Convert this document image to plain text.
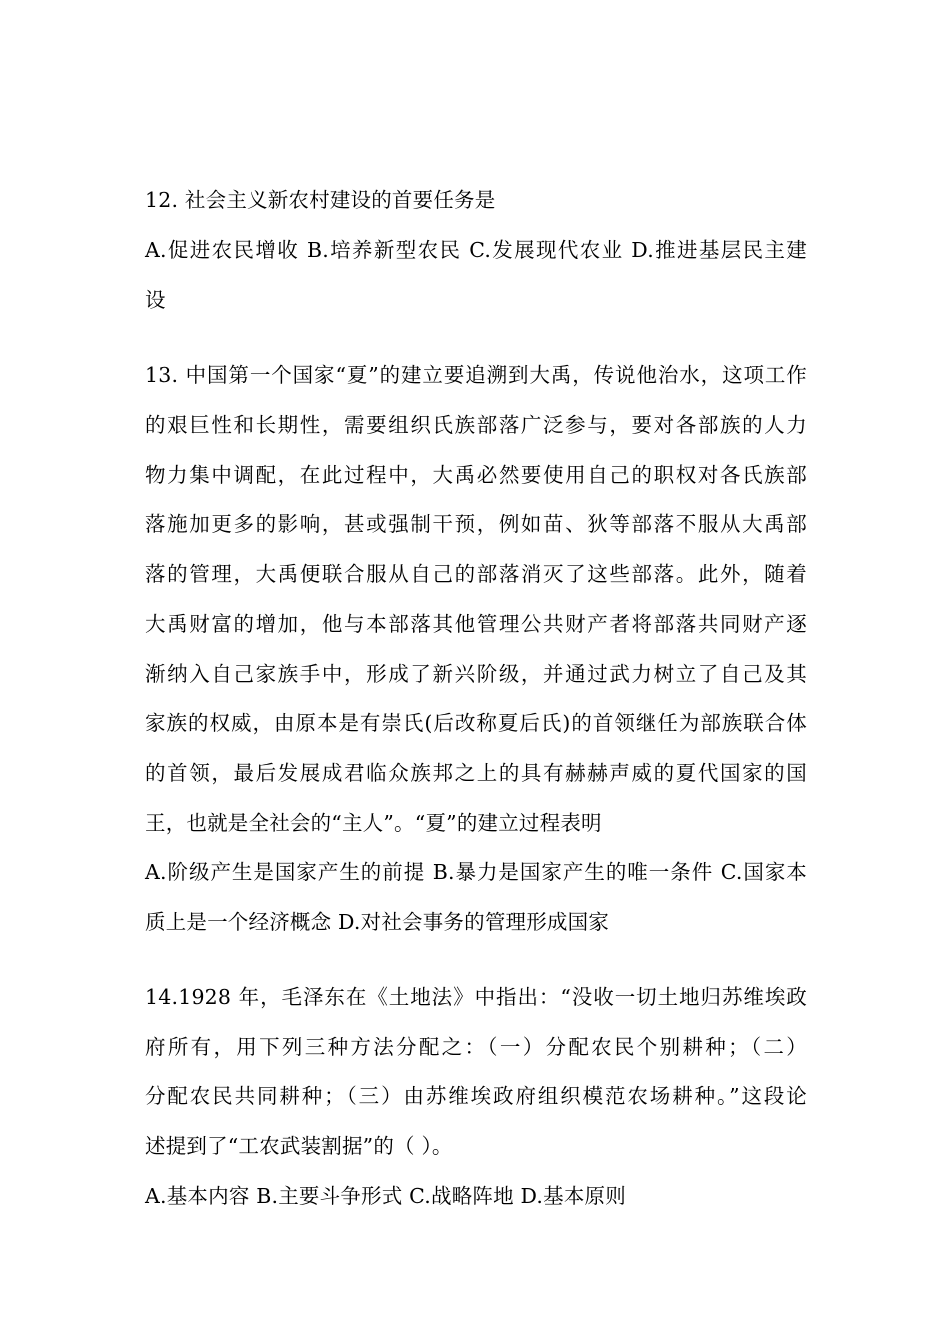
12. 社会主义新农村建设的首要任务是
A.促进农民增收 B.培养新型农民 C.发展现代农业 D.推进基层民主建
设
13. 中国第一个国家“夏”的建立要追溯到大禹，传说他治水，这项工作
的艰巨性和长期性，需要组织氏族部落广泛参与，要对各部族的人力
物力集中调配，在此过程中，大禹必然要使用自己的职权对各氏族部
落施加更多的影响，甚或强制干预，例如苗、狄等部落不服从大禹部
落的管理，大禹便联合服从自己的部落消灭了这些部落。此外，随着
大禹财富的增加，他与本部落其他管理公共财产者将部落共同财产逐
渐纳入自己家族手中，形成了新兴阶级，并通过武力树立了自己及其
家族的权威，由原本是有崇氏(后改称夏后氏)的首领继任为部族联合体
的首领，最后发展成君临众族邦之上的具有赫赫声威的夏代国家的国
王，也就是全社会的“主人”。“夏”的建立过程表明
A.阶级产生是国家产生的前提 B.暴力是国家产生的唯一条件 C.国家本
质上是一个经济概念 D.对社会事务的管理形成国家
14.1928 年，毛泽东在《土地法》中指出：“没收一切土地归苏维埃政
府所有，用下列三种方法分配之：（一）分配农民个别耕种；（二）
分配农民共同耕种；（三）由苏维埃政府组织模范农场耕种。”这段论
述提到了“工农武装割据”的（ ）。
A.基本内容 B.主要斗争形式 C.战略阵地 D.基本原则
